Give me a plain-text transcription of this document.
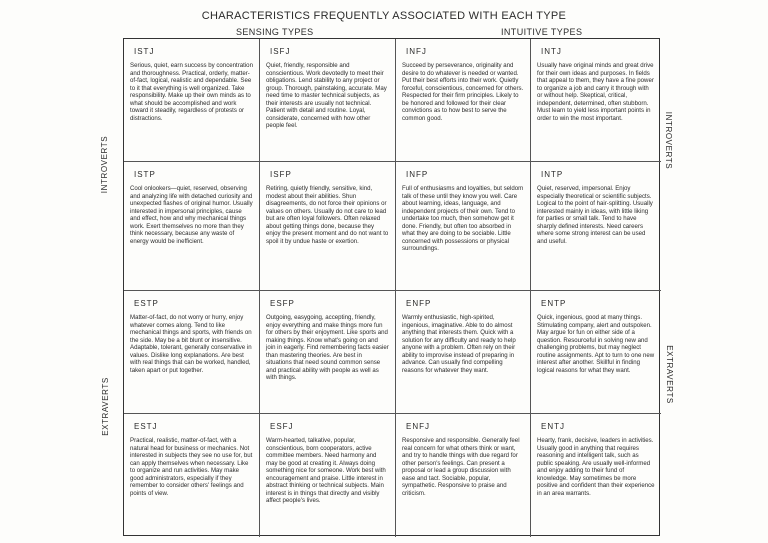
CHARACTERISTICS FREQUENTLY ASSOCIATED WITH EACH TYPE
SENSING TYPES	INTUITIVE TYPES
INTROVERTS
EXTRAVERTS
INTROVERTS
EXTRAVERTS
ISTJ

Serious, quiet, earn success by concentration and thoroughness. Practical, orderly, matter-of-fact, logical, realistic and dependable. See to it that everything is well organized. Take responsibility. Make up their own minds as to what should be accomplished and work toward it steadily, regardless of protests or distractions.

ISFJ

Quiet, friendly, responsible and conscientious. Work devotedly to meet their obligations. Lend stability to any project or group. Thorough, painstaking, accurate. May need time to master technical subjects, as their interests are usually not technical. Patient with detail and routine. Loyal, considerate, concerned with how other people feel.

INFJ

Succeed by perseverance, originality and desire to do whatever is needed or wanted. Put their best efforts into their work. Quietly forceful, conscientious, concerned for others. Respected for their firm principles. Likely to be honored and followed for their clear convictions as to how best to serve the common good.

INTJ

Usually have original minds and great drive for their own ideas and purposes. In fields that appeal to them, they have a fine power to organize a job and carry it through with or without help. Skeptical, critical, independent, determined, often stubborn. Must learn to yield less important points in order to win the most important.

ISTP

Cool onlookers—quiet, reserved, observing and analyzing life with detached curiosity and unexpected flashes of original humor. Usually interested in impersonal principles, cause and effect, how and why mechanical things work. Exert themselves no more than they think necessary, because any waste of energy would be inefficient.

ISFP

Retiring, quietly friendly, sensitive, kind, modest about their abilities. Shun disagreements, do not force their opinions or values on others. Usually do not care to lead but are often loyal followers. Often relaxed about getting things done, because they enjoy the present moment and do not want to spoil it by undue haste or exertion.

INFP

Full of enthusiasms and loyalties, but seldom talk of these until they know you well. Care about learning, ideas, language, and independent projects of their own. Tend to undertake too much, then somehow get it done. Friendly, but often too absorbed in what they are doing to be sociable. Little concerned with possessions or physical surroundings.

INTP

Quiet, reserved, impersonal. Enjoy especially theoretical or scientific subjects. Logical to the point of hair-splitting. Usually interested mainly in ideas, with little liking for parties or small talk. Tend to have sharply defined interests. Need careers where some strong interest can be used and useful.

ESTP

Matter-of-fact, do not worry or hurry, enjoy whatever comes along. Tend to like mechanical things and sports, with friends on the side. May be a bit blunt or insensitive. Adaptable, tolerant, generally conservative in values. Dislike long explanations. Are best with real things that can be worked, handled, taken apart or put together.

ESFP

Outgoing, easygoing, accepting, friendly, enjoy everything and make things more fun for others by their enjoyment. Like sports and making things. Know what's going on and join in eagerly. Find remembering facts easier than mastering theories. Are best in situations that need sound common sense and practical ability with people as well as with things.

ENFP

Warmly enthusiastic, high-spirited, ingenious, imaginative. Able to do almost anything that interests them. Quick with a solution for any difficulty and ready to help anyone with a problem. Often rely on their ability to improvise instead of preparing in advance. Can usually find compelling reasons for whatever they want.

ENTP

Quick, ingenious, good at many things. Stimulating company, alert and outspoken. May argue for fun on either side of a question. Resourceful in solving new and challenging problems, but may neglect routine assignments. Apt to turn to one new interest after another. Skillful in finding logical reasons for what they want.

ESTJ

Practical, realistic, matter-of-fact, with a natural head for business or mechanics. Not interested in subjects they see no use for, but can apply themselves when necessary. Like to organize and run activities. May make good administrators, especially if they remember to consider others' feelings and points of view.

ESFJ

Warm-hearted, talkative, popular, conscientious, born cooperators, active committee members. Need harmony and may be good at creating it. Always doing something nice for someone. Work best with encouragement and praise. Little interest in abstract thinking or technical subjects. Main interest is in things that directly and visibly affect people's lives.

ENFJ

Responsive and responsible. Generally feel real concern for what others think or want, and try to handle things with due regard for other person's feelings. Can present a proposal or lead a group discussion with ease and tact. Sociable, popular, sympathetic. Responsive to praise and criticism.

ENTJ

Hearty, frank, decisive, leaders in activities. Usually good in anything that requires reasoning and intelligent talk, such as public speaking. Are usually well-informed and enjoy adding to their fund of knowledge. May sometimes be more positive and confident than their experience in an area warrants.
